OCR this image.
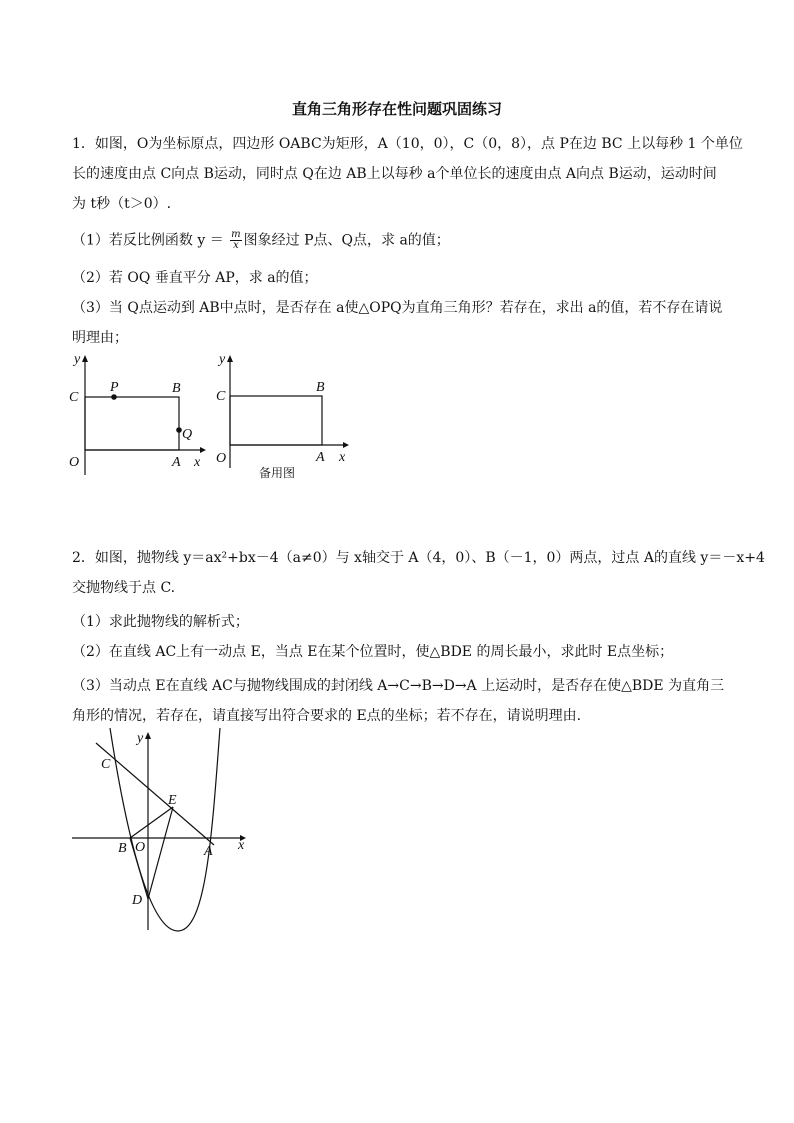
直角三角形存在性问题巩固练习
1．如图，O为坐标原点，四边形 OABC为矩形，A（10，0），C（0，8），点 P在边 BC 上以每秒 1 个单位
长的速度由点 C向点 B运动，同时点 Q在边 AB上以每秒 a个单位长的速度由点 A向点 B运动，运动时间
为 t秒（t＞0）.
（1）若反比例函数 $y = \frac{m}{x}$ 图象经过 P点、Q点，求 a的值；
（2）若 OQ 垂直平分 AP，求 a的值；
（3）当 Q点运动到 AB中点时，是否存在 a使△OPQ为直角三角形？若存在，求出 a的值，若不存在请说
明理由；
y
C
P	B
Q
O	A x
y
C
B
O	A x
备用图
2．如图，抛物线 y＝ax²+bx－4（a≠0）与 x轴交于 A（4，0）、B（－1，0）两点，过点 A的直线 y＝－x+4
交抛物线于点 C.
（1）求此抛物线的解析式；
（2）在直线 AC上有一动点 E，当点 E在某个位置时，使△BDE 的周长最小，求此时 E点坐标；
（3）当动点 E在直线 AC与抛物线围成的封闭线 A→C→B→D→A 上运动时，是否存在使△BDE 为直角三
角形的情况，若存在，请直接写出符合要求的 E点的坐标；若不存在，请说明理由.
y
C
E
B O	A x
D
